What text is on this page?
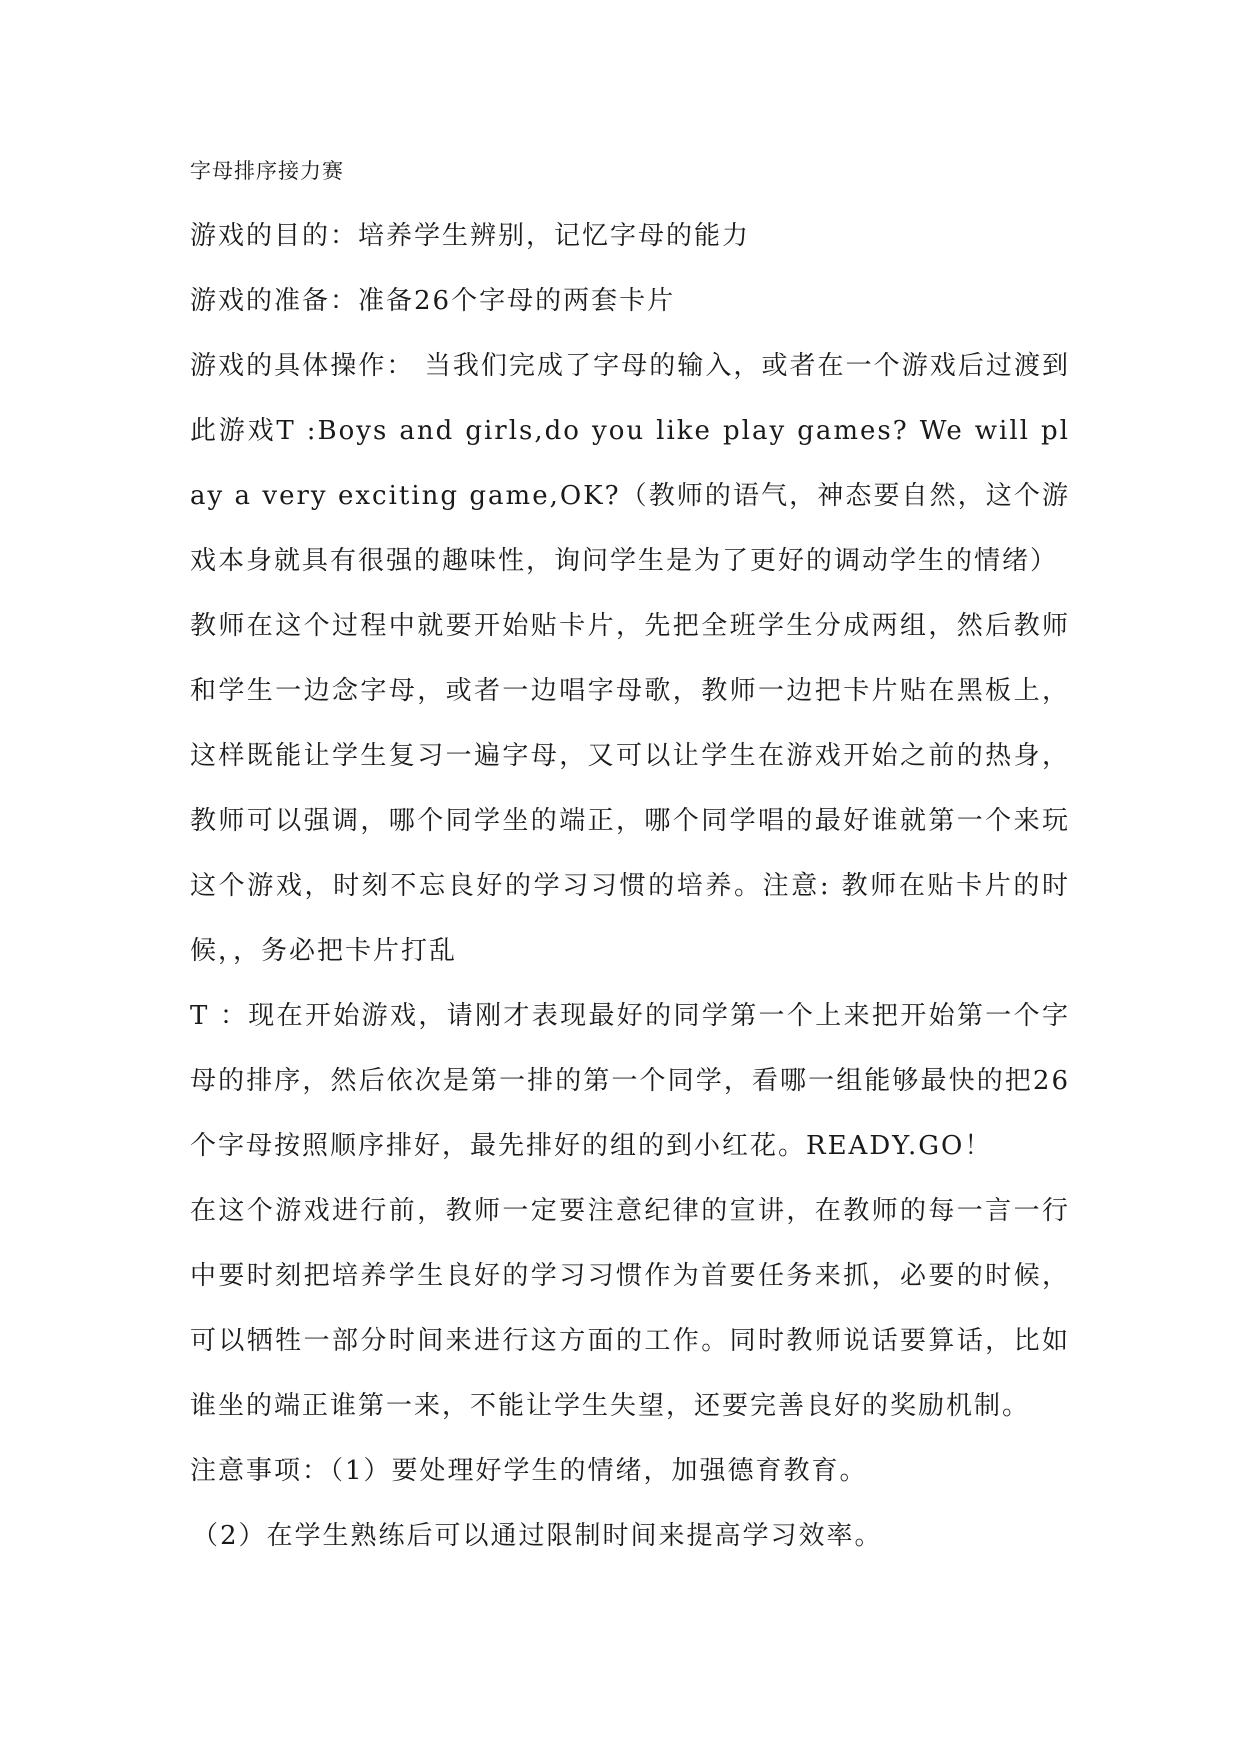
字母排序接力赛

游戏的目的：培养学生辨别，记忆字母的能力

游戏的准备：准备26个字母的两套卡片

游戏的具体操作： 当我们完成了字母的输入，或者在一个游戏后过渡到此游戏T :Boys and girls,do you like play games? We will play a very exciting game,OK?（教师的语气，神态要自然，这个游戏本身就具有很强的趣味性，询问学生是为了更好的调动学生的情绪）

教师在这个过程中就要开始贴卡片，先把全班学生分成两组，然后教师和学生一边念字母，或者一边唱字母歌，教师一边把卡片贴在黑板上，这样既能让学生复习一遍字母，又可以让学生在游戏开始之前的热身，教师可以强调，哪个同学坐的端正，哪个同学唱的最好谁就第一个来玩这个游戏，时刻不忘良好的学习习惯的培养。注意: 教师在贴卡片的时候，，务必把卡片打乱

T ：现在开始游戏，请刚才表现最好的同学第一个上来把开始第一个字母的排序，然后依次是第一排的第一个同学，看哪一组能够最快的把26个字母按照顺序排好，最先排好的组的到小红花。READY.GO！

在这个游戏进行前，教师一定要注意纪律的宣讲，在教师的每一言一行中要时刻把培养学生良好的学习习惯作为首要任务来抓，必要的时候，可以牺牲一部分时间来进行这方面的工作。同时教师说话要算话，比如谁坐的端正谁第一来，不能让学生失望，还要完善良好的奖励机制。

注意事项：（1）要处理好学生的情绪，加强德育教育。

（2）在学生熟练后可以通过限制时间来提高学习效率。
